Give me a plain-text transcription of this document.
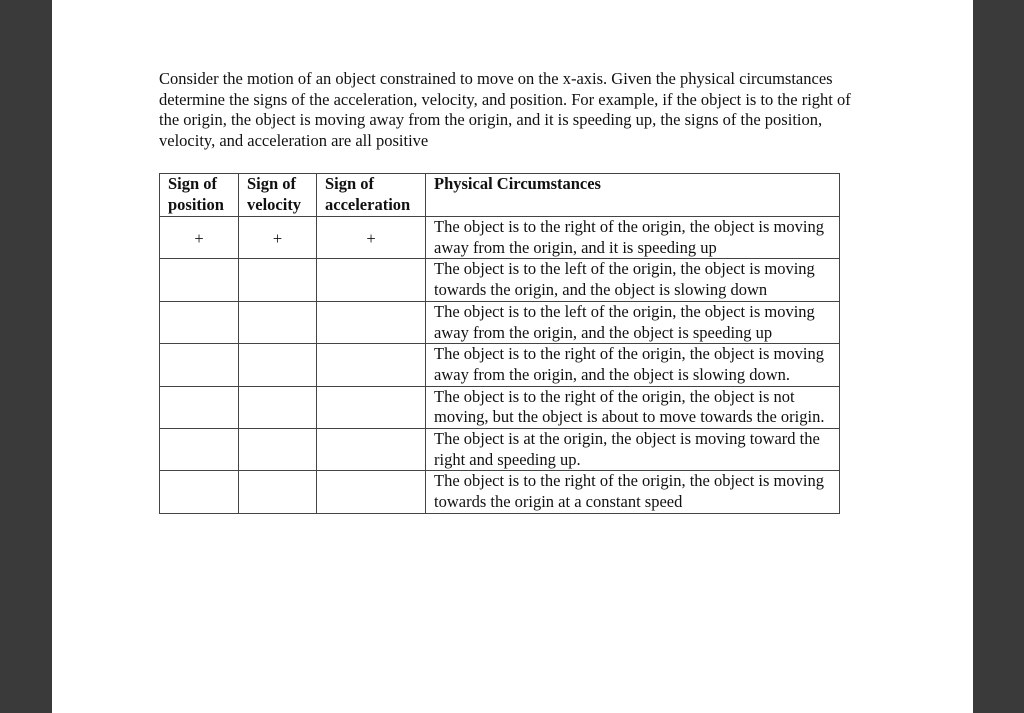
Consider the motion of an object constrained to move on the x-axis. Given the physical circumstances determine the signs of the acceleration, velocity, and position. For example, if the object is to the right of the origin, the object is moving away from the origin, and it is speeding up, the signs of the position, velocity, and acceleration are all positive

Sign of position	Sign of velocity	Sign of acceleration	Physical Circumstances
+	+	+	The object is to the right of the origin, the object is moving away from the origin, and it is speeding up
			The object is to the left of the origin, the object is moving towards the origin, and the object is slowing down
			The object is to the left of the origin, the object is moving away from the origin, and the object is speeding up
			The object is to the right of the origin, the object is moving away from the origin, and the object is slowing down.
			The object is to the right of the origin, the object is not moving, but the object is about to move towards the origin.
			The object is at the origin, the object is moving toward the right and speeding up.
			The object is to the right of the origin, the object is moving towards the origin at a constant speed
